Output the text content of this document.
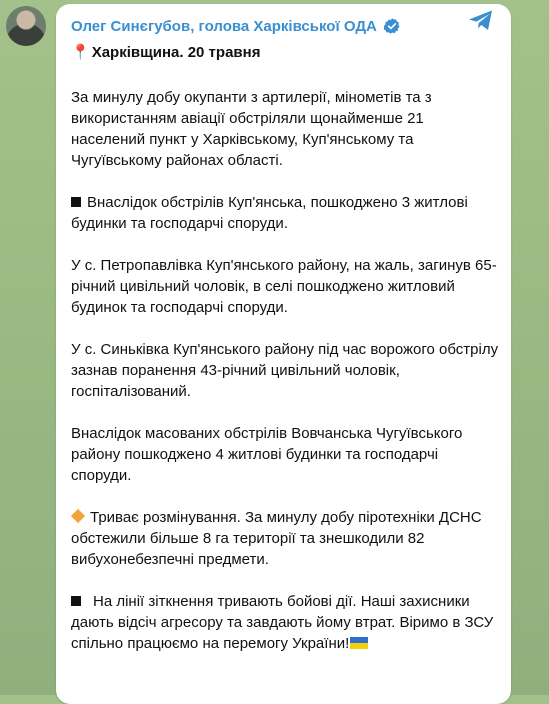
Олег Синєгубов, голова Харківської ОДА

📍 Харківщина. 20 травня

За минулу добу окупанти з артилерії, мінометів та з використанням авіації обстріляли щонайменше 21 населений пункт у Харківському, Куп'янському та Чугуївському районах області.

Внаслідок обстрілів Куп'янська, пошкоджено 3 житлові будинки та господарчі споруди.

У с. Петропавлівка Куп'янського району, на жаль, загинув 65-річний цивільний чоловік, в селі пошкоджено житловий будинок та господарчі споруди.

У с. Синьківка Куп'янського району під час ворожого обстрілу зазнав поранення 43-річний цивільний чоловік, госпіталізований.

Внаслідок масованих обстрілів Вовчанська Чугуївського району пошкоджено 4 житлові будинки та господарчі споруди.

Триває розмінування. За минулу добу піротехніки ДСНС обстежили більше 8 га території та знешкодили 82 вибухонебезпечні предмети.

На лінії зіткнення тривають бойові дії. Наші захисники дають відсіч агресору та завдають йому втрат. Віримо в ЗСУ спільно працюємо на перемогу України!
